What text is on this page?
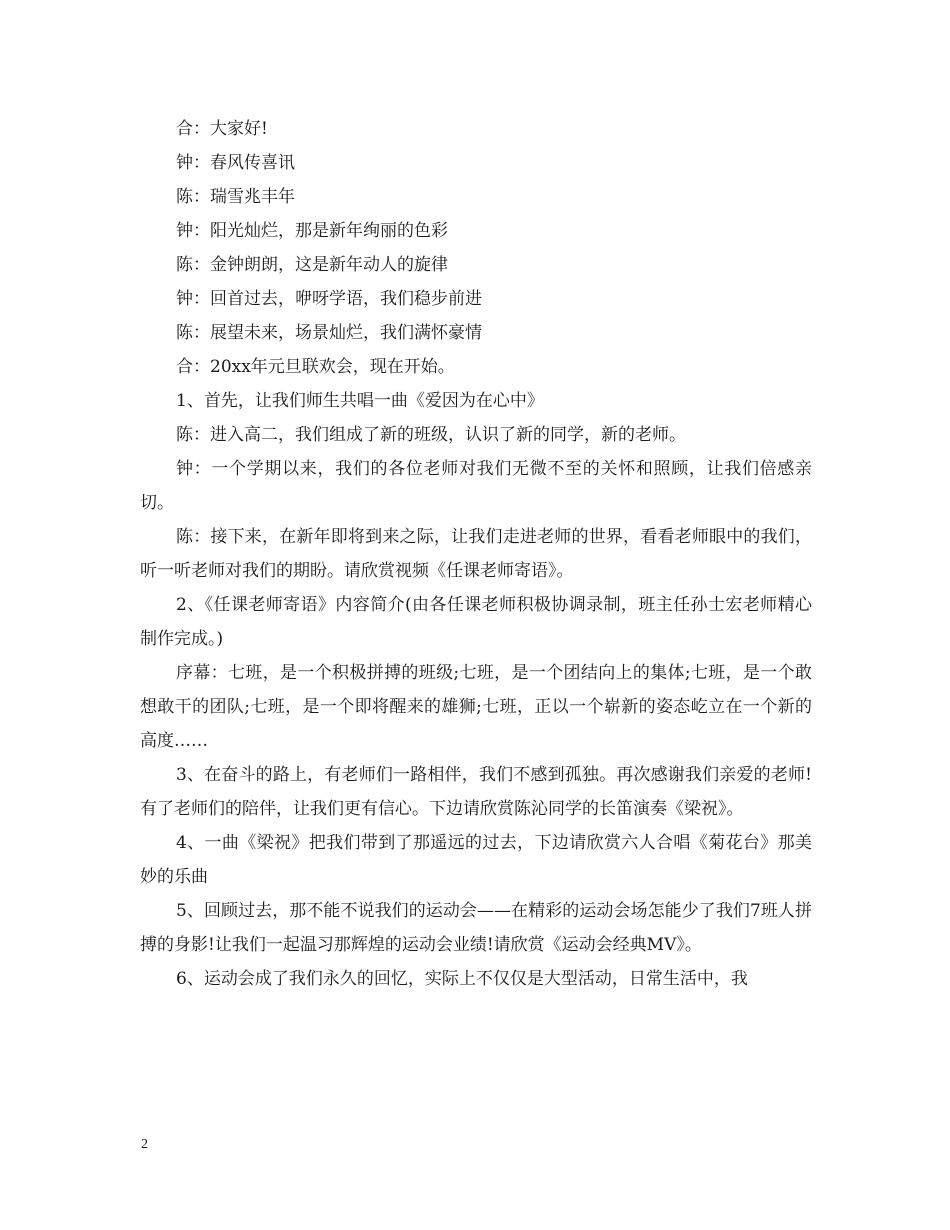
合：大家好!

钟：春风传喜讯

陈：瑞雪兆丰年

钟：阳光灿烂，那是新年绚丽的色彩

陈：金钟朗朗，这是新年动人的旋律

钟：回首过去，咿呀学语，我们稳步前进

陈：展望未来，场景灿烂，我们满怀豪情

合：20xx年元旦联欢会，现在开始。

1、首先，让我们师生共唱一曲《爱因为在心中》

陈：进入高二，我们组成了新的班级，认识了新的同学，新的老师。

钟：一个学期以来，我们的各位老师对我们无微不至的关怀和照顾，让我们倍感亲切。

陈：接下来，在新年即将到来之际，让我们走进老师的世界，看看老师眼中的我们，听一听老师对我们的期盼。请欣赏视频《任课老师寄语》。

2、《任课老师寄语》内容简介(由各任课老师积极协调录制，班主任孙士宏老师精心制作完成。)

序幕：七班，是一个积极拼搏的班级;七班，是一个团结向上的集体;七班，是一个敢想敢干的团队;七班，是一个即将醒来的雄狮;七班，正以一个崭新的姿态屹立在一个新的高度……

3、在奋斗的路上，有老师们一路相伴，我们不感到孤独。再次感谢我们亲爱的老师!有了老师们的陪伴，让我们更有信心。下边请欣赏陈沁同学的长笛演奏《梁祝》。

4、一曲《梁祝》把我们带到了那遥远的过去，下边请欣赏六人合唱《菊花台》那美妙的乐曲

5、回顾过去，那不能不说我们的运动会——在精彩的运动会场怎能少了我们7班人拼搏的身影!让我们一起温习那辉煌的运动会业绩!请欣赏《运动会经典MV》。

6、运动会成了我们永久的回忆，实际上不仅仅是大型活动，日常生活中，我

2
